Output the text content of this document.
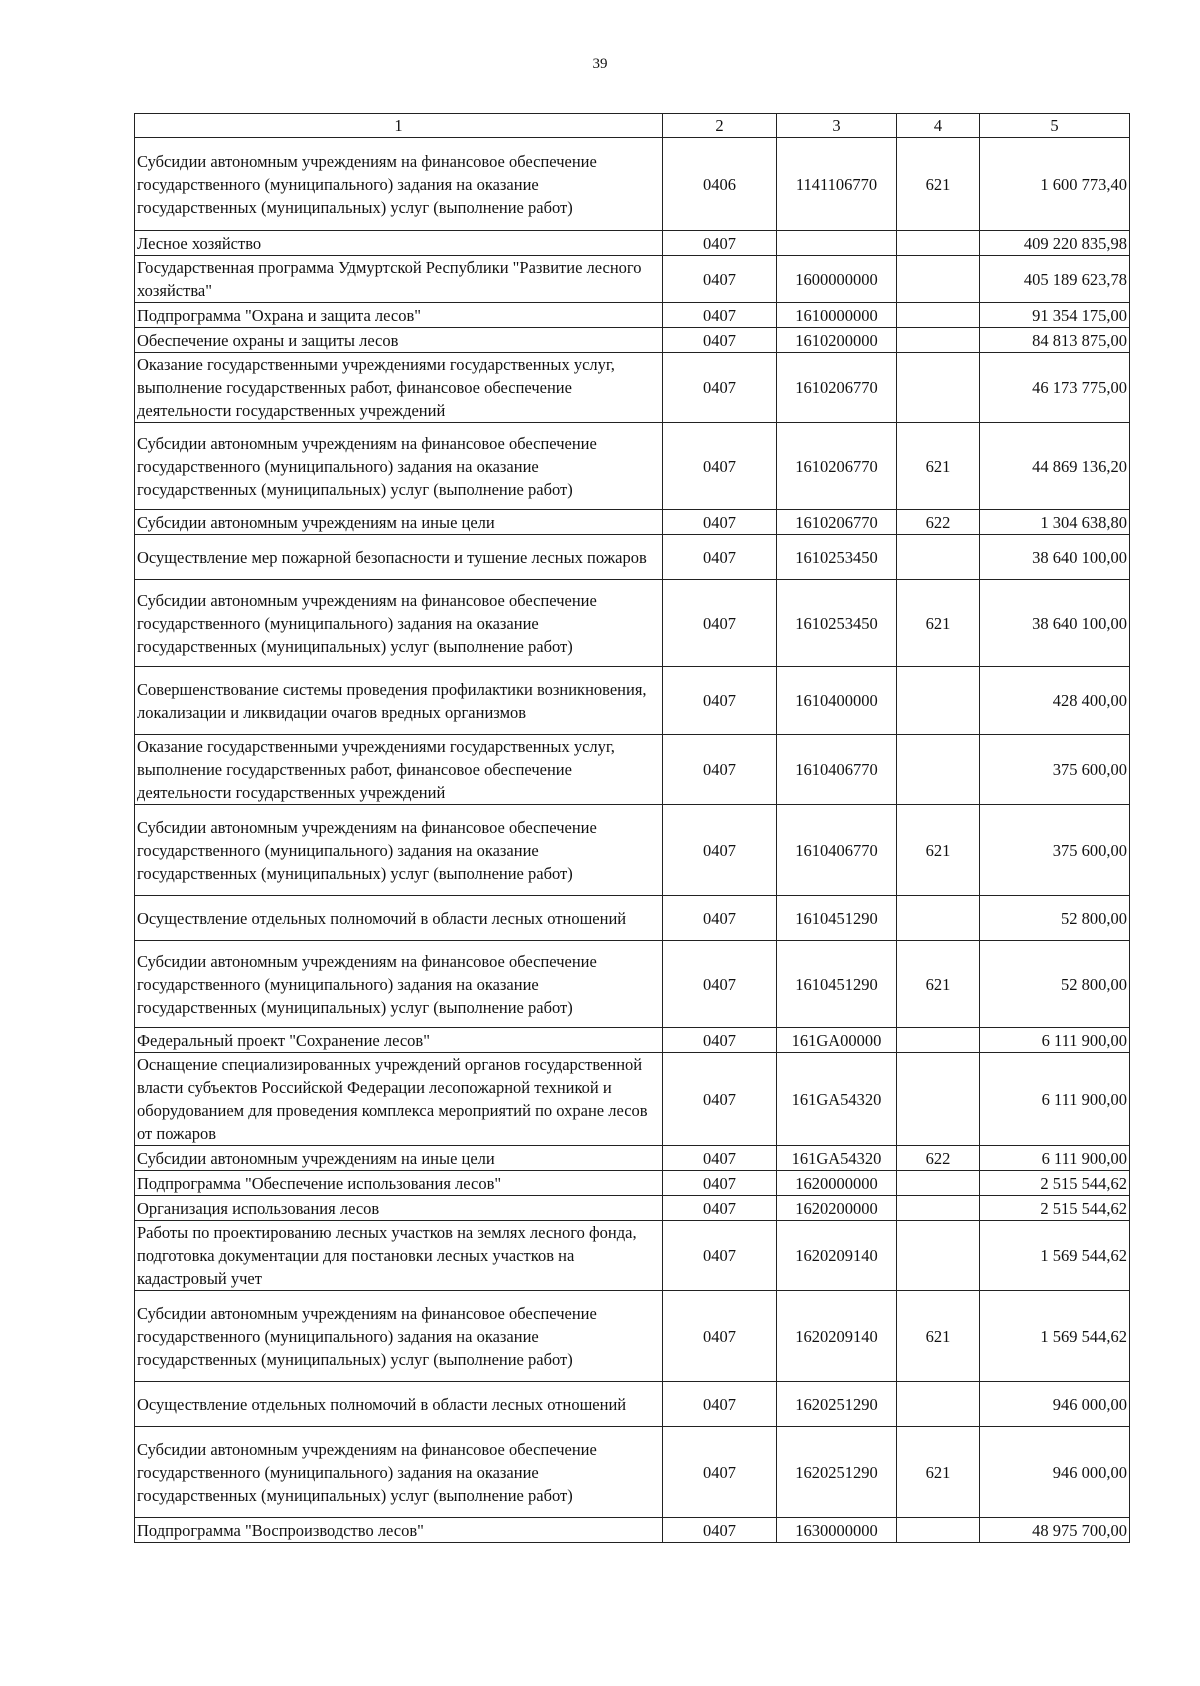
39
1	2	3	4	5
Субсидии автономным учреждениям на финансовое обеспечение государственного (муниципального) задания на оказание государственных (муниципальных) услуг (выполнение работ)	0406	1141106770	621	1 600 773,40
Лесное хозяйство	0407			409 220 835,98
Государственная программа Удмуртской Республики "Развитие лесного хозяйства"	0407	1600000000		405 189 623,78
Подпрограмма "Охрана и защита лесов"	0407	1610000000		91 354 175,00
Обеспечение охраны и защиты лесов	0407	1610200000		84 813 875,00
Оказание государственными учреждениями государственных услуг, выполнение государственных работ, финансовое обеспечение деятельности государственных учреждений	0407	1610206770		46 173 775,00
Субсидии автономным учреждениям на финансовое обеспечение государственного (муниципального) задания на оказание государственных (муниципальных) услуг (выполнение работ)	0407	1610206770	621	44 869 136,20
Субсидии автономным учреждениям на иные цели	0407	1610206770	622	1 304 638,80
Осуществление мер пожарной безопасности и тушение лесных пожаров	0407	1610253450		38 640 100,00
Субсидии автономным учреждениям на финансовое обеспечение государственного (муниципального) задания на оказание государственных (муниципальных) услуг (выполнение работ)	0407	1610253450	621	38 640 100,00
Совершенствование системы проведения профилактики возникновения, локализации и ликвидации очагов вредных организмов	0407	1610400000		428 400,00
Оказание государственными учреждениями государственных услуг, выполнение государственных работ, финансовое обеспечение деятельности государственных учреждений	0407	1610406770		375 600,00
Субсидии автономным учреждениям на финансовое обеспечение государственного (муниципального) задания на оказание государственных (муниципальных) услуг (выполнение работ)	0407	1610406770	621	375 600,00
Осуществление отдельных полномочий в области лесных отношений	0407	1610451290		52 800,00
Субсидии автономным учреждениям на финансовое обеспечение государственного (муниципального) задания на оказание государственных (муниципальных) услуг (выполнение работ)	0407	1610451290	621	52 800,00
Федеральный проект "Сохранение лесов"	0407	161GA00000		6 111 900,00
Оснащение специализированных учреждений органов государственной власти субъектов Российской Федерации лесопожарной техникой и оборудованием для проведения комплекса мероприятий по охране лесов от пожаров	0407	161GA54320		6 111 900,00
Субсидии автономным учреждениям на иные цели	0407	161GA54320	622	6 111 900,00
Подпрограмма "Обеспечение использования лесов"	0407	1620000000		2 515 544,62
Организация использования лесов	0407	1620200000		2 515 544,62
Работы по проектированию лесных участков на землях лесного фонда, подготовка документации для постановки лесных участков на кадастровый учет	0407	1620209140		1 569 544,62
Субсидии автономным учреждениям на финансовое обеспечение государственного (муниципального) задания на оказание государственных (муниципальных) услуг (выполнение работ)	0407	1620209140	621	1 569 544,62
Осуществление отдельных полномочий в области лесных отношений	0407	1620251290		946 000,00
Субсидии автономным учреждениям на финансовое обеспечение государственного (муниципального) задания на оказание государственных (муниципальных) услуг (выполнение работ)	0407	1620251290	621	946 000,00
Подпрограмма "Воспроизводство лесов"	0407	1630000000		48 975 700,00
